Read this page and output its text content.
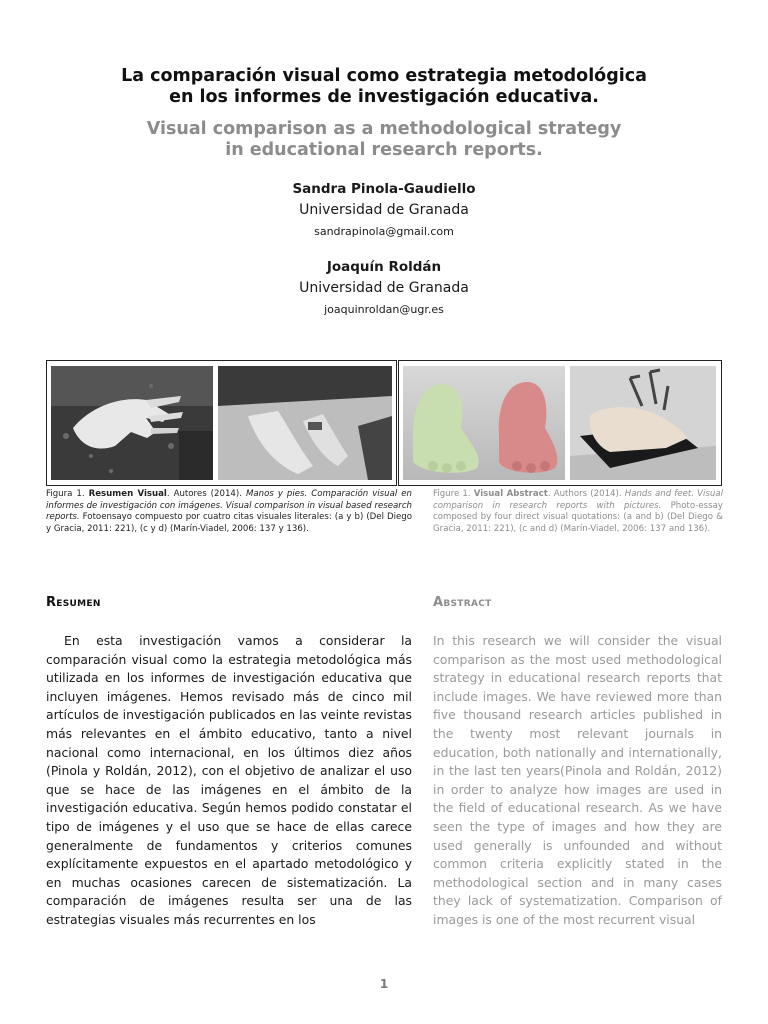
La comparación visual como estrategia metodológica
en los informes de investigación educativa.
Visual comparison as a methodological strategy
in educational research reports.
Sandra Pinola-Gaudiello
Universidad de Granada
sandrapinola@gmail.com
Joaquín Roldán
Universidad de Granada
joaquinroldan@ugr.es
Figura 1. Resumen Visual. Autores (2014). Manos y pies. Comparación visual en informes de investigación con imágenes. Visual comparison in visual based research reports. Fotoensayo compuesto por cuatro citas visuales literales: (a y b) (Del Diego y Gracia, 2011: 221), (c y d) (Marín-Viadel, 2006: 137 y 136).
Figure 1. Visual Abstract. Authors (2014). Hands and feet. Visual comparison in research reports with pictures. Photo-essay composed by four direct visual quotations: (a and b) (Del Diego & Gracia, 2011: 221), (c and d) (Marín-Viadel, 2006: 137 and 136).
Resumen	Abstract

En esta investigación vamos a considerar la comparación visual como la estrategia metodológica más utilizada en los informes de investigación educativa que incluyen imágenes. Hemos revisado más de cinco mil artículos de investigación publicados en las veinte revistas más relevantes en el ámbito educativo, tanto a nivel nacional como internacional, en los últimos diez años (Pinola y Roldán, 2012), con el objetivo de analizar el uso que se hace de las imágenes en el ámbito de la investigación educativa. Según hemos podido constatar el tipo de imágenes y el uso que se hace de ellas carece generalmente de fundamentos y criterios comunes explícitamente expuestos en el apartado metodológico y en muchas ocasiones carecen de sistematización. La comparación de imágenes resulta ser una de las estrategias visuales más recurrentes en los

In this research we will consider the visual comparison as the most used methodological strategy in educational research reports that include images. We have reviewed more than five thousand research articles published in the twenty most relevant journals in education, both nationally and internationally, in the last ten years(Pinola and Roldán, 2012) in order to analyze how images are used in the field of educational research. As we have seen the type of images and how they are used generally is unfounded and without common criteria explicitly stated in the methodological section and in many cases they lack of systematization. Comparison of images is one of the most recurrent visual

1
